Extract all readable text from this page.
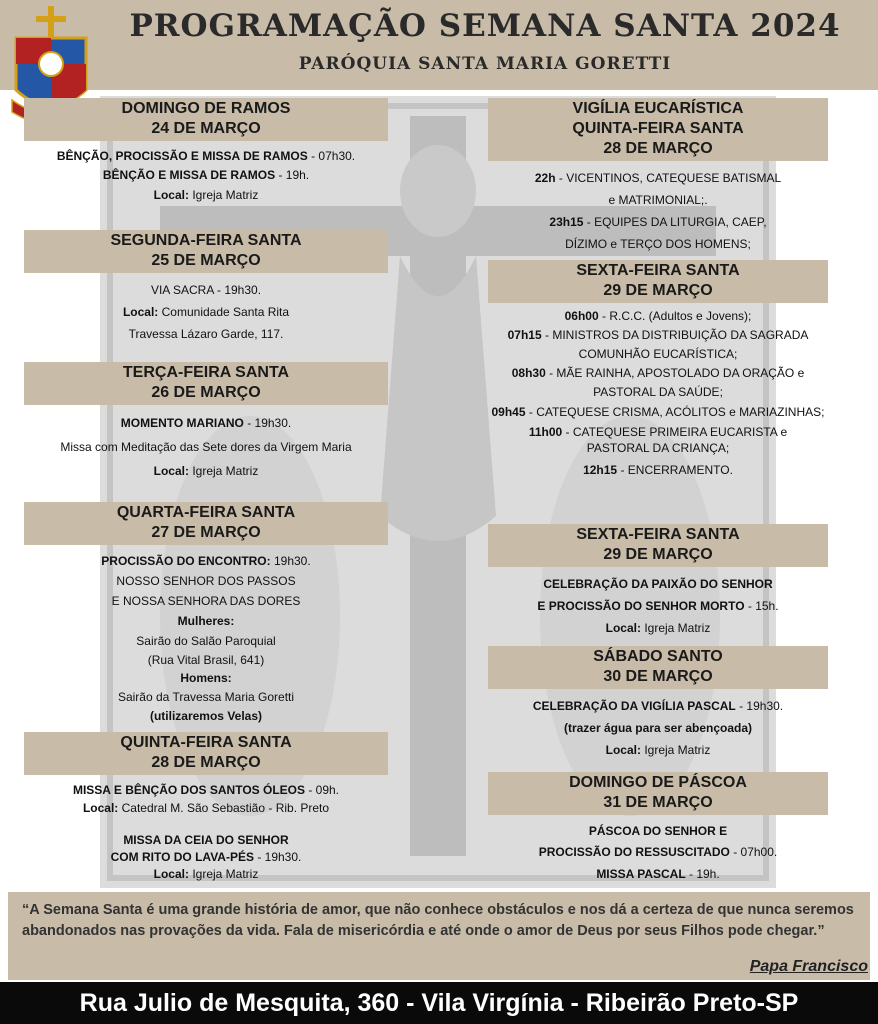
PROGRAMAÇÃO SEMANA SANTA 2024
PARÓQUIA SANTA MARIA GORETTI
DOMINGO DE RAMOS
24 DE MARÇO
BÊNÇÃO, PROCISSÃO E MISSA DE RAMOS - 07h30.
BÊNÇÃO E MISSA DE RAMOS - 19h.
Local: Igreja Matriz
SEGUNDA-FEIRA SANTA
25 DE MARÇO
VIA SACRA - 19h30.
Local: Comunidade Santa Rita
Travessa Lázaro Garde, 117.
TERÇA-FEIRA SANTA
26 DE MARÇO
MOMENTO MARIANO - 19h30.
Missa com Meditação das Sete dores da Virgem Maria
Local: Igreja Matriz
QUARTA-FEIRA SANTA
27 DE MARÇO
PROCISSÃO DO ENCONTRO: 19h30.
NOSSO SENHOR DOS PASSOS
E NOSSA SENHORA DAS DORES
Mulheres:
Sairão do Salão Paroquial
(Rua Vital Brasil, 641)
Homens:
Sairão da Travessa Maria Goretti
(utilizaremos Velas)
QUINTA-FEIRA SANTA
28 DE MARÇO
MISSA E BÊNÇÃO DOS SANTOS ÓLEOS - 09h.
Local: Catedral M. São Sebastião - Rib. Preto
MISSA DA CEIA DO SENHOR
COM RITO DO LAVA-PÉS - 19h30.
Local: Igreja Matriz
VIGÍLIA EUCARÍSTICA
QUINTA-FEIRA SANTA
28 DE MARÇO
22h - VICENTINOS, CATEQUESE BATISMAL
e MATRIMONIAL;.
23h15 - EQUIPES DA LITURGIA, CAEP,
DÍZIMO e TERÇO DOS HOMENS;
SEXTA-FEIRA SANTA
29 DE MARÇO
06h00 - R.C.C. (Adultos e Jovens);
07h15 - MINISTROS DA DISTRIBUIÇÃO DA SAGRADA
COMUNHÃO EUCARÍSTICA;
08h30 - MÃE RAINHA, APOSTOLADO DA ORAÇÃO e
PASTORAL DA SAÚDE;
09h45 - CATEQUESE CRISMA, ACÓLITOS e MARIAZINHAS;
11h00 - CATEQUESE PRIMEIRA EUCARISTA e
PASTORAL DA CRIANÇA;
12h15 - ENCERRAMENTO.
SEXTA-FEIRA SANTA
29 DE MARÇO
CELEBRAÇÃO DA PAIXÃO DO SENHOR
E PROCISSÃO DO SENHOR MORTO - 15h.
Local: Igreja Matriz
SÁBADO SANTO
30 DE MARÇO
CELEBRAÇÃO DA VIGÍLIA PASCAL - 19h30.
(trazer água para ser abençoada)
Local: Igreja Matriz
DOMINGO DE PÁSCOA
31 DE MARÇO
PÁSCOA DO SENHOR E
PROCISSÃO DO RESSUSCITADO - 07h00.
MISSA PASCAL - 19h.
“A Semana Santa é uma grande história de amor, que não conhece obstáculos e nos dá a certeza de que nunca seremos abandonados nas provações da vida. Fala de misericórdia e até onde o amor de Deus por seus Filhos pode chegar.”
Papa Francisco
Rua Julio de Mesquita, 360 - Vila Virgínia - Ribeirão Preto-SP
